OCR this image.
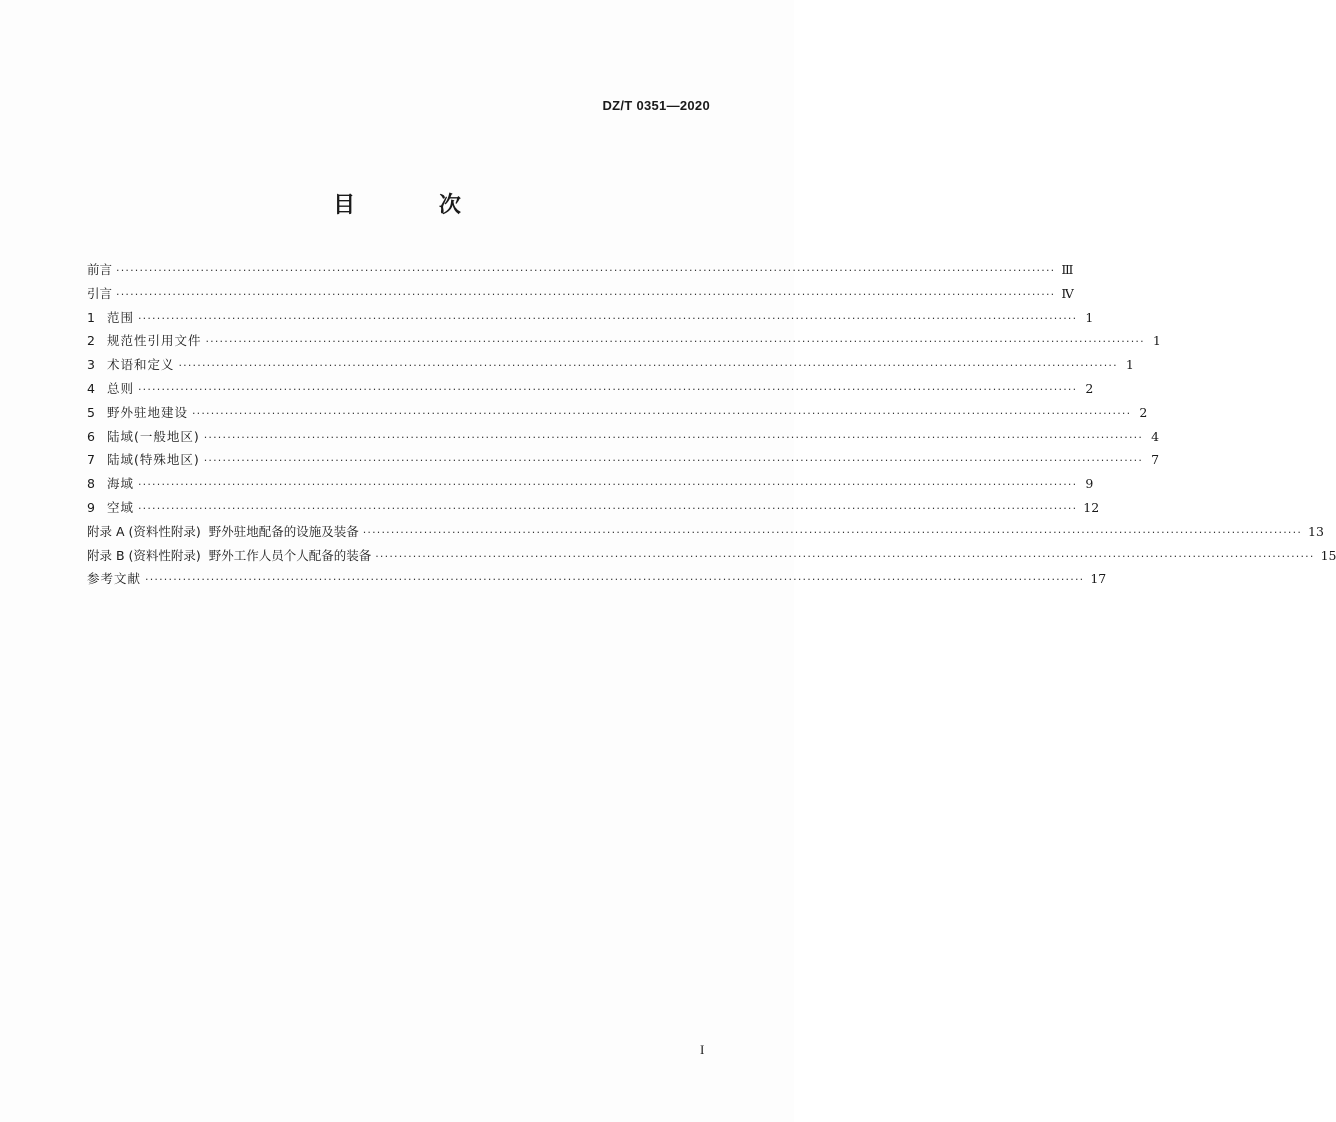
DZ/T 0351—2020
目 次
前言 ········································································································································································································ Ⅲ
引言 ········································································································································································································ Ⅳ
1 范围 ········································································································································································································ 1
2 规范性引用文件 ········································································································································································································ 1
3 术语和定义 ········································································································································································································ 1
4 总则 ········································································································································································································ 2
5 野外驻地建设 ········································································································································································································ 2
6 陆域(一般地区) ········································································································································································································ 4
7 陆域(特殊地区) ········································································································································································································ 7
8 海域 ········································································································································································································ 9
9 空域 ········································································································································································································ 12
附录 A (资料性附录)  野外驻地配备的设施及装备 ········································································································································································································ 13
附录 B (资料性附录)  野外工作人员个人配备的装备 ········································································································································································································ 15
参考文献 ········································································································································································································ 17
I
